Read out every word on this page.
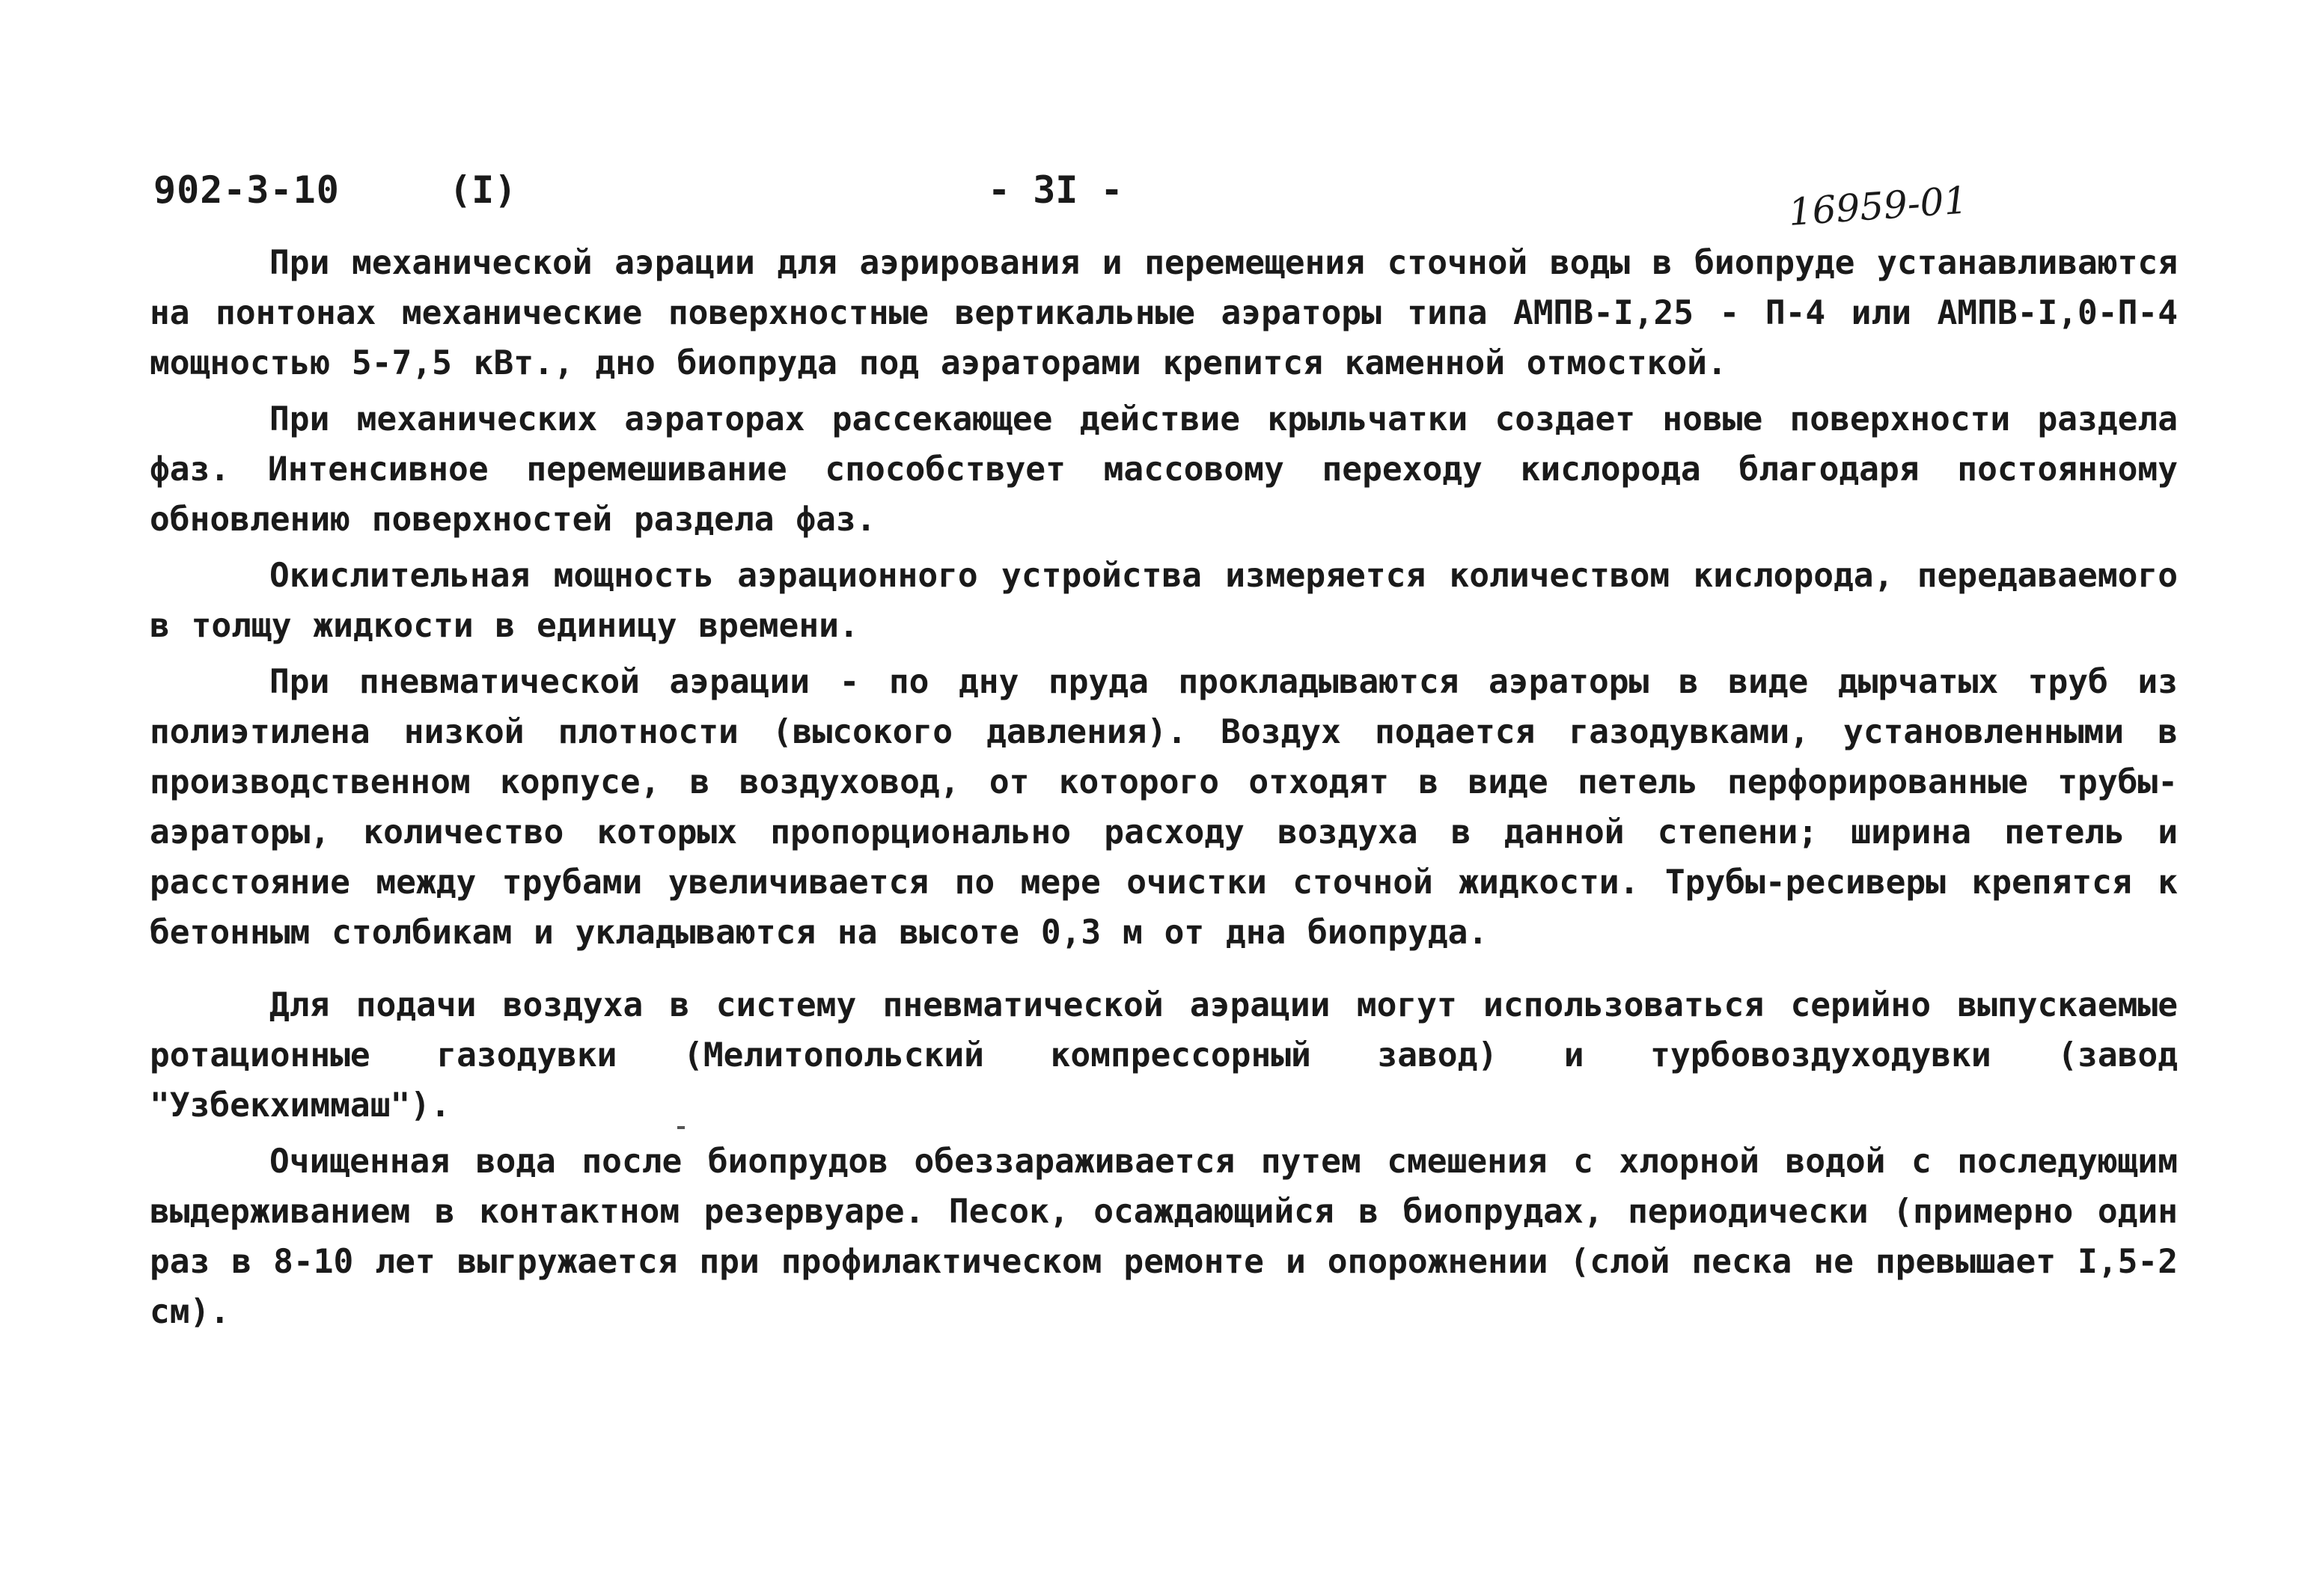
902-3-10	(I)	- 3I -	16959-01

При механической аэрации для аэрирования и перемещения сточной воды в биопруде устанавливаются на понтонах механические поверхностные вертикальные аэраторы типа АМПВ-I,25 - П-4 или АМПВ-I,0-П-4 мощностью 5-7,5 кВт., дно биопруда под аэраторами крепится каменной отмосткой.

При механических аэраторах рассекающее действие крыльчатки создает новые поверхности раздела фаз. Интенсивное перемешивание способствует массовому переходу кислорода благодаря постоянному обновлению поверхностей раздела фаз.

Окислительная мощность аэрационного устройства измеряется количеством кислорода, передаваемого в толщу жидкости в единицу времени.

При пневматической аэрации - по дну пруда прокладываются аэраторы в виде дырчатых труб из полиэтилена низкой плотности (высокого давления). Воздух подается газодувками, установленными в производственном корпусе, в воздуховод, от которого отходят в виде петель перфорированные трубы-аэраторы, количество которых пропорционально расходу воздуха в данной степени; ширина петель и расстояние между трубами увеличивается по мере очистки сточной жидкости. Трубы-ресиверы крепятся к бетонным столбикам и укладываются на высоте 0,3 м от дна биопруда.

Для подачи воздуха в систему пневматической аэрации могут использоваться серийно выпускаемые ротационные газодувки (Мелитопольский компрессорный завод) и турбовоздуходувки (завод "Узбекхиммаш").

Очищенная вода после биопрудов обеззараживается путем смешения с хлорной водой с последующим выдерживанием в контактном резервуаре. Песок, осаждающийся в биопрудах, периодически (примерно один раз в 8-10 лет выгружается при профилактическом ремонте и опорожнении (слой песка не превышает I,5-2 см).
